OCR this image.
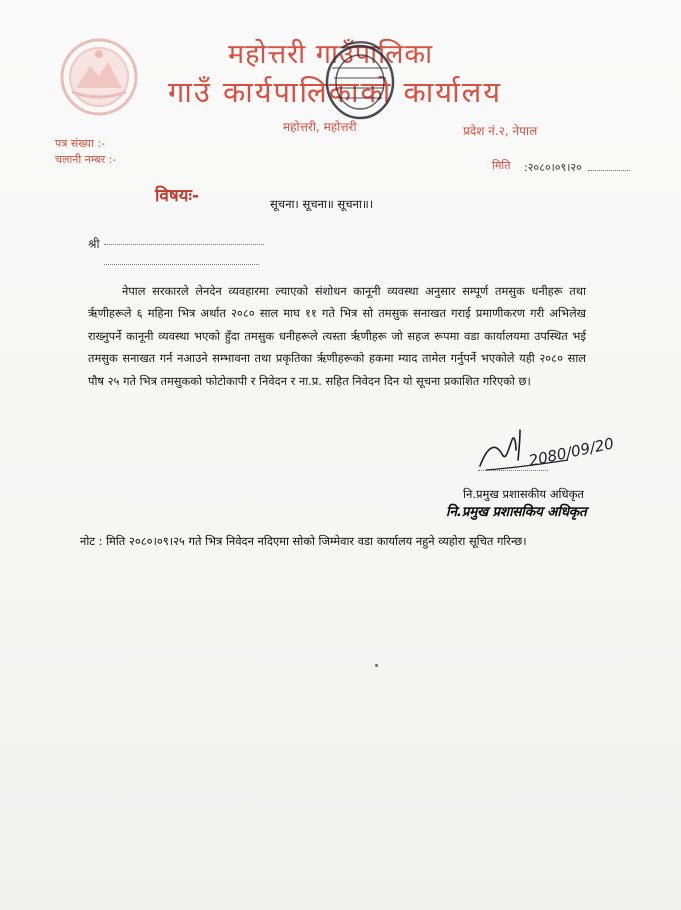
महोत्तरी गाउँपालिका
गाउँ कार्यपालिकाको कार्यालय
महोत्तरी, महोत्तरी	प्रदेश नं.२, नेपाल
पत्र संख्या :-
चलानी नम्बर :-	मिति :२०८०।०९।२०
विषयः-	सूचना। सूचना॥ सूचना॥।
श्री

नेपाल सरकारले लेनदेन व्यवहारमा ल्याएको संशोधन कानूनी व्यवस्था अनुसार सम्पूर्ण तमसुक धनीहरू तथा ऋृणीहरूले ६ महिना भित्र अर्थात २०८० साल माघ ११ गते भित्र सो तमसुक सनाखत गराई प्रमाणीकरण गरी अभिलेख राख्नुपर्ने कानूनी व्यवस्था भएको हुँदा तमसुक धनीहरूले त्यस्ता ऋृणीहरू जो सहज रूपमा वडा कार्यालयमा उपस्थित भई तमसुक सनाखत गर्न नआउने सम्भावना तथा प्रकृतिका ऋृणीहरूको हकमा म्याद तामेल गर्नुपर्ने भएकोले यही २०८० साल पौष २५ गते भित्र तमसुकको फोटोकापी र निवेदन र ना.प्र. सहित निवेदन दिन यो सूचना प्रकाशित गरिएको छ।

2080/09/20
नि.प्रमुख प्रशासकीय अधिकृत
नि.प्रमुख प्रशासकिय अधिकृत

नोट : मिति २०८०।०९।२५ गते भित्र निवेदन नदिएमा सोको जिम्मेवार वडा कार्यालय नहुने व्यहोरा सूचित गरिन्छ।
